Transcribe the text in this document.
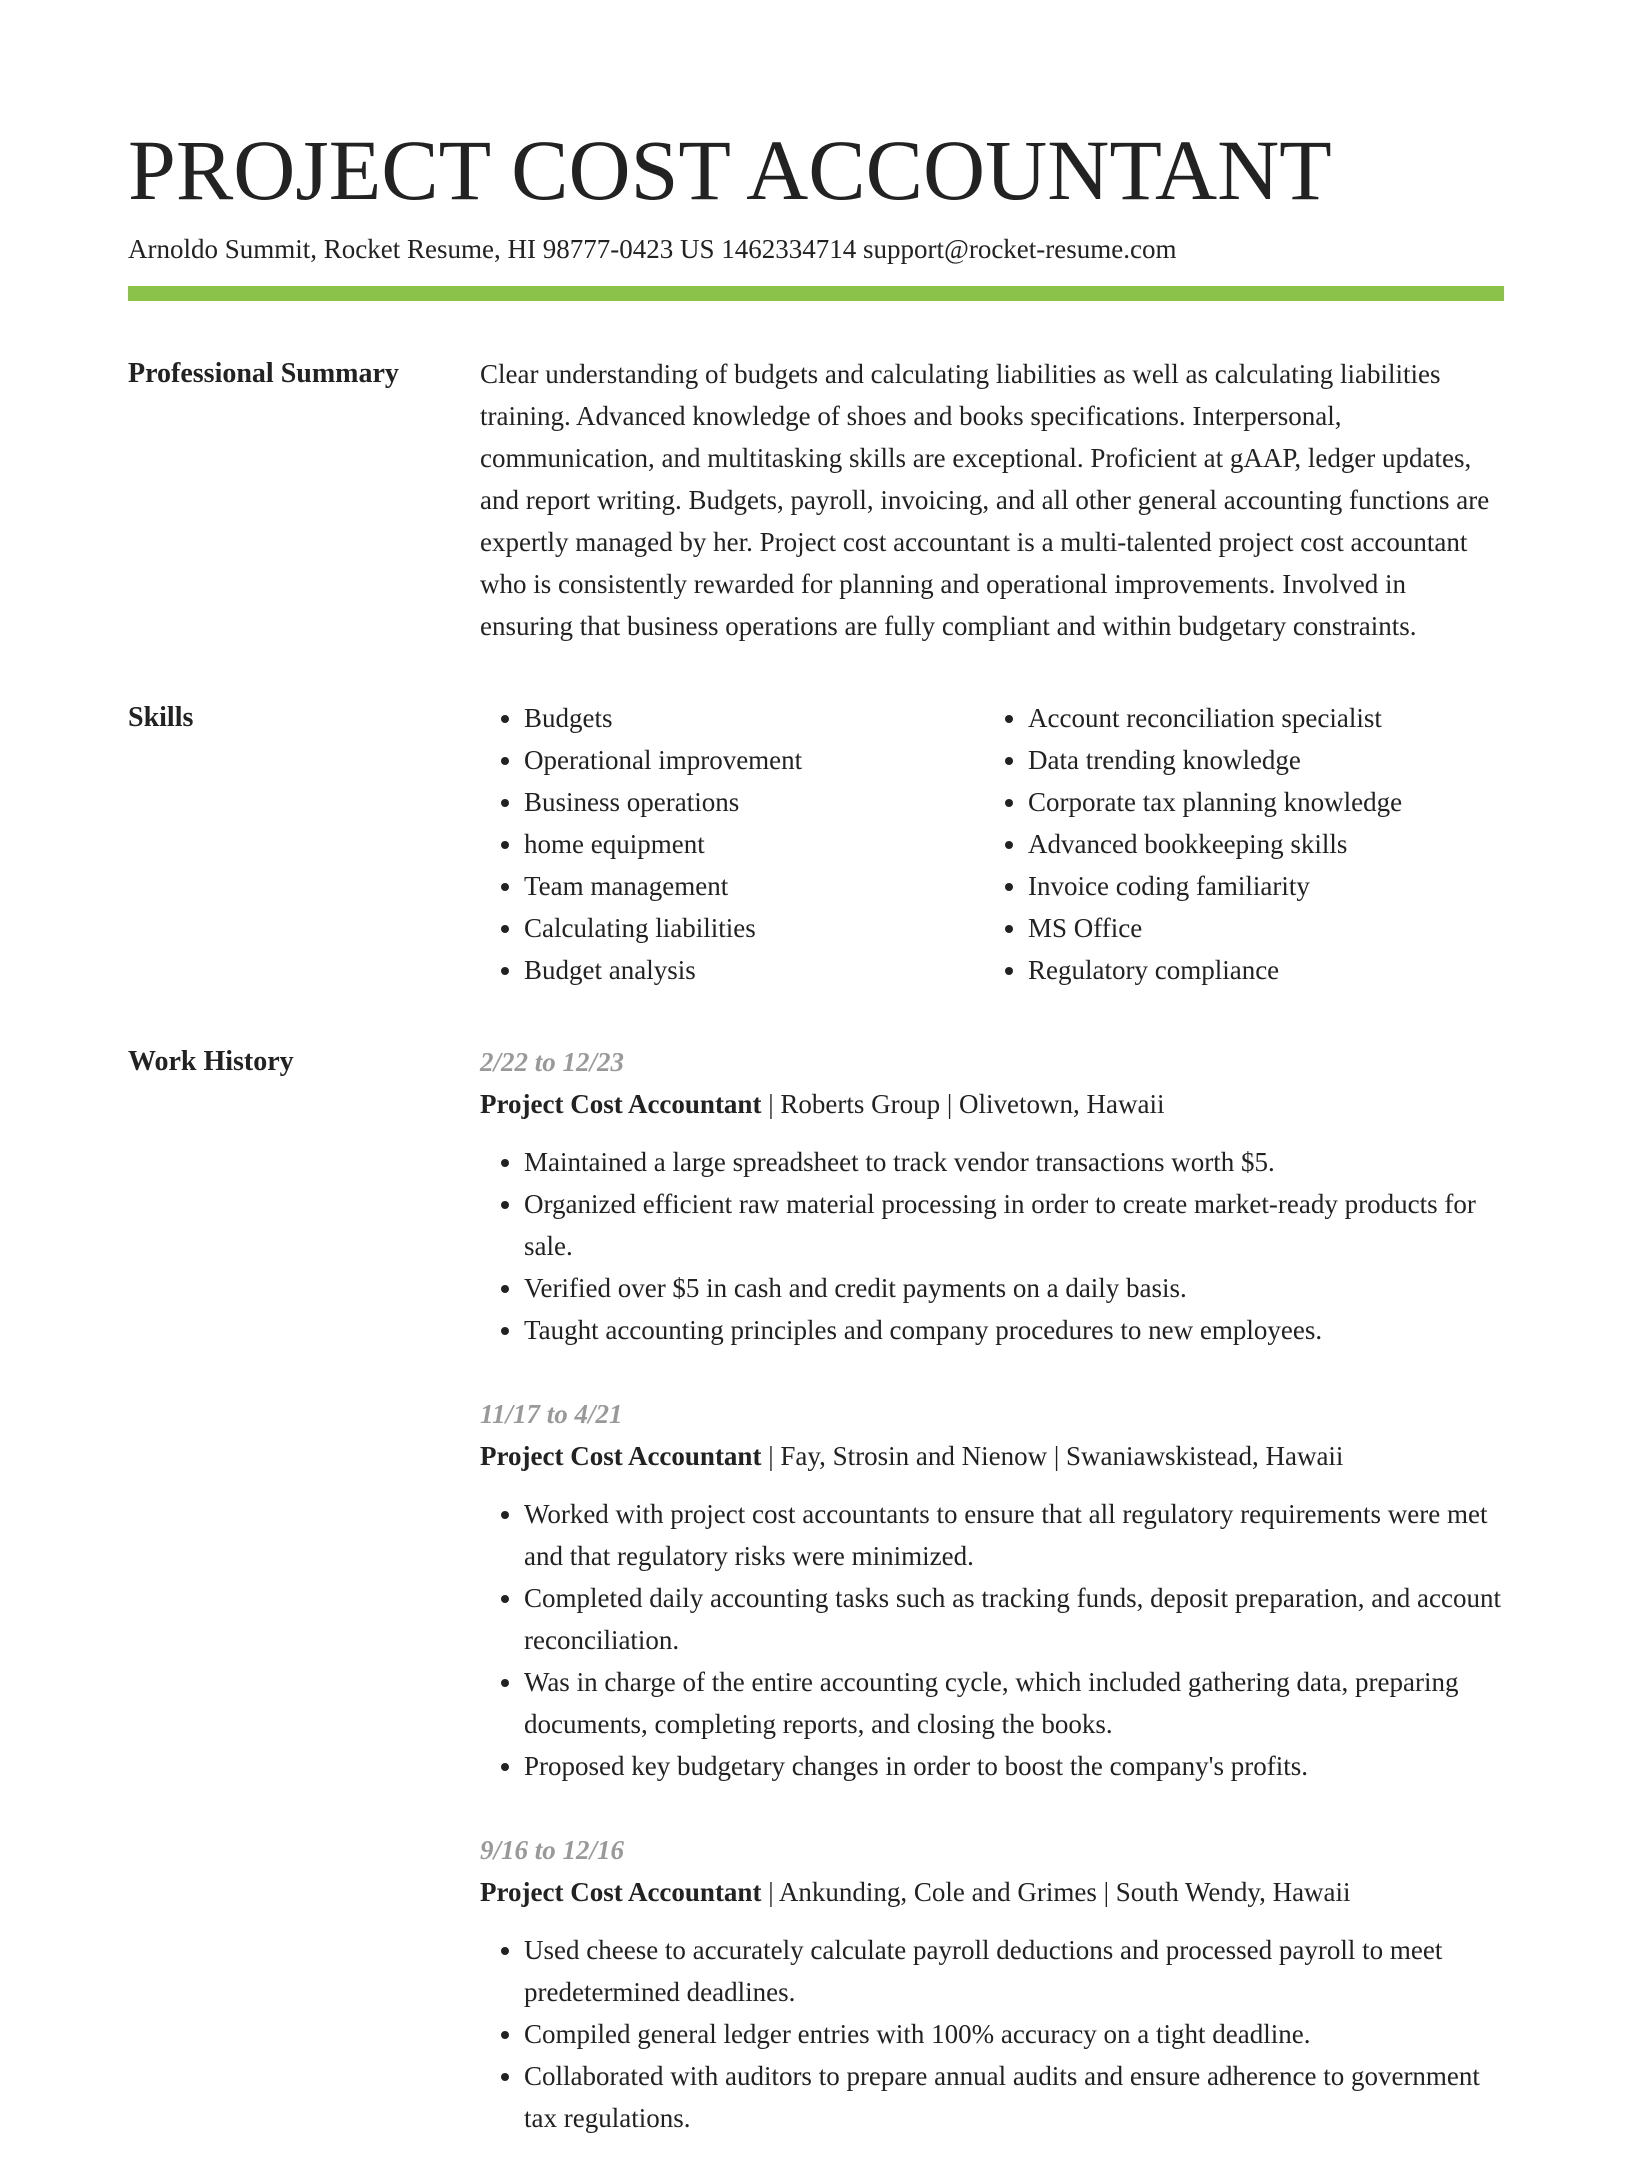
PROJECT COST ACCOUNTANT
Arnoldo Summit, Rocket Resume, HI 98777-0423 US 1462334714 support@rocket-resume.com
Professional Summary	Clear understanding of budgets and calculating liabilities as well as calculating liabilities training. Advanced knowledge of shoes and books specifications. Interpersonal, communication, and multitasking skills are exceptional. Proficient at gAAP, ledger updates, and report writing. Budgets, payroll, invoicing, and all other general accounting functions are expertly managed by her. Project cost accountant is a multi-talented project cost accountant who is consistently rewarded for planning and operational improvements. Involved in ensuring that business operations are fully compliant and within budgetary constraints.

Skills
•	Budgets
• Operational improvement
• Business operations
• home equipment
• Team management
• Calculating liabilities
• Budget analysis
• Account reconciliation specialist
• Data trending knowledge
• Corporate tax planning knowledge
• Advanced bookkeeping skills
• Invoice coding familiarity
• MS Office
• Regulatory compliance
Work History	2/22 to 12/23
Project Cost Accountant | Roberts Group | Olivetown, Hawaii
• Maintained a large spreadsheet to track vendor transactions worth $5.
• Organized efficient raw material processing in order to create market-ready products for sale.
• Verified over $5 in cash and credit payments on a daily basis.
• Taught accounting principles and company procedures to new employees.
11/17 to 4/21
Project Cost Accountant | Fay, Strosin and Nienow | Swaniawskistead, Hawaii
• Worked with project cost accountants to ensure that all regulatory requirements were met and that regulatory risks were minimized.
• Completed daily accounting tasks such as tracking funds, deposit preparation, and account reconciliation.
• Was in charge of the entire accounting cycle, which included gathering data, preparing documents, completing reports, and closing the books.
• Proposed key budgetary changes in order to boost the company's profits.
9/16 to 12/16
Project Cost Accountant | Ankunding, Cole and Grimes | South Wendy, Hawaii
• Used cheese to accurately calculate payroll deductions and processed payroll to meet predetermined deadlines.
• Compiled general ledger entries with 100% accuracy on a tight deadline.
• Collaborated with auditors to prepare annual audits and ensure adherence to government tax regulations.
